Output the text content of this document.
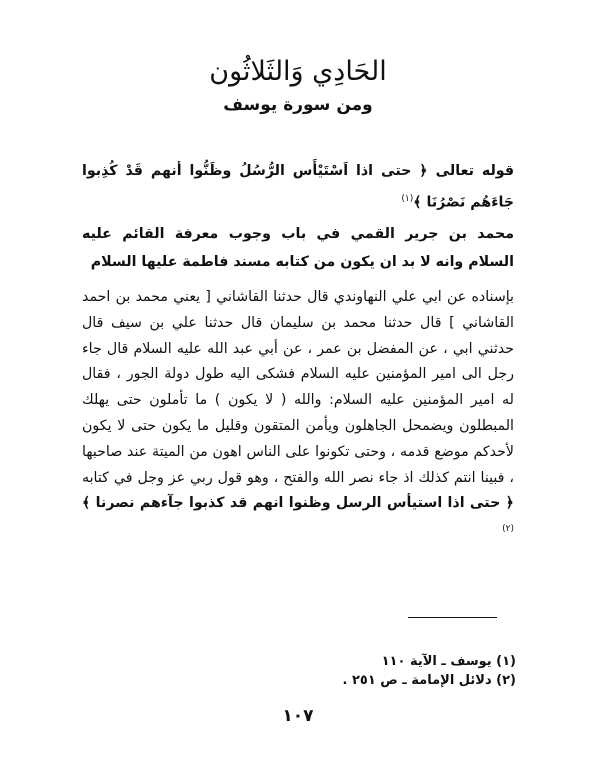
الحَادِي وَالثَلاثُون
ومن سورة يوسف
قوله تعالى ﴿ حتى اذا اَسْتَيْأَس الرُّسُلُ وظَنُّوا أنهم قَدْ كُذِبوا جَاءَهُم نَصْرُنَا ﴾$^{(١)}$
محمد بن جرير القمي في باب وجوب معرفة القائم عليه السلام وانه لا بد ان يكون من كتابه مسند فاطمة عليها السلام
بإسناده عن ابي علي النهاوندي قال حدثنا القاشاني [ يعني محمد بن احمد القاشاني ] قال حدثنا محمد بن سليمان قال حدثنا علي بن سيف قال حدثني ابي ، عن المفضل بن عمر ، عن أبي عبد الله عليه السلام قال جاء رجل الى امير المؤمنين عليه السلام فشكى اليه طول دولة الجور ، فقال له امير المؤمنين عليه السلام: والله ( لا يكون ) ما تأملون حتى يهلك المبطلون ويضمحل الجاهلون ويأمن المتقون وقليل ما يكون حتى لا يكون لأحدكم موضع قدمه ، وحتى تكونوا على الناس اهون من الميتة عند صاحبها ، فبينا انتم كذلك اذ جاء نصر الله والفتح ، وهو قول ربي عز وجل في كتابه ﴿ حتى اذا استيأس الرسل وظنوا انهم قد كذبوا جآءهم نصرنا ﴾$^{(٢)}$
(١) يوسف ـ الآية ١١٠
(٢) دلائل الإمامة ـ ص ٢٥١ .
١٠٧
